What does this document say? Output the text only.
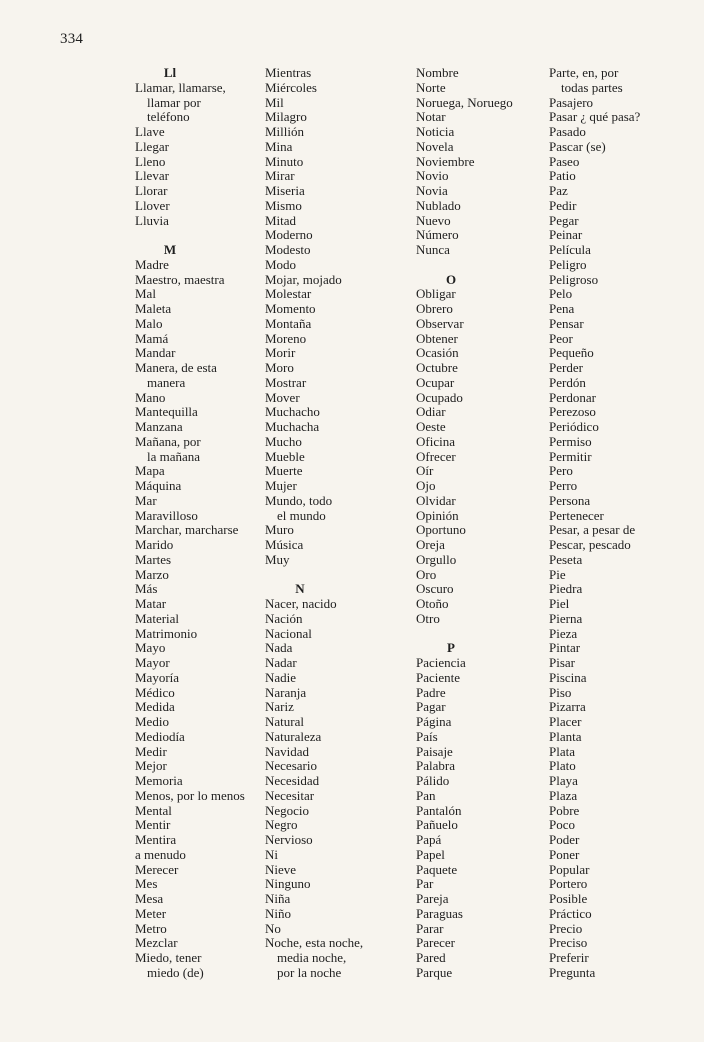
334
Ll
Llamar, llamarse,
llamar por
teléfono
Llave
Llegar
Lleno
Llevar
Llorar
Llover
Lluvia
M
Madre
Maestro, maestra
Mal
Maleta
Malo
Mamá
Mandar
Manera, de esta
manera
Mano
Mantequilla
Manzana
Mañana, por
la mañana
Mapa
Máquina
Mar
Maravilloso
Marchar, marcharse
Marido
Martes
Marzo
Más
Matar
Material
Matrimonio
Mayo
Mayor
Mayoría
Médico
Medida
Medio
Mediodía
Medir
Mejor
Memoria
Menos, por lo menos
Mental
Mentir
Mentira
a menudo
Merecer
Mes
Mesa
Meter
Metro
Mezclar
Miedo, tener
miedo (de)
Mientras
Miércoles
Mil
Milagro
Millión
Mina
Minuto
Mirar
Miseria
Mismo
Mitad
Moderno
Modesto
Modo
Mojar, mojado
Molestar
Momento
Montaña
Moreno
Morir
Moro
Mostrar
Mover
Muchacho
Muchacha
Mucho
Mueble
Muerte
Mujer
Mundo, todo
el mundo
Muro
Música
Muy
N
Nacer, nacido
Nación
Nacional
Nada
Nadar
Nadie
Naranja
Nariz
Natural
Naturaleza
Navidad
Necesario
Necesidad
Necesitar
Negocio
Negro
Nervioso
Ni
Nieve
Ninguno
Niña
Niño
No
Noche, esta noche,
media noche,
por la noche
Nombre
Norte
Noruega, Noruego
Notar
Noticia
Novela
Noviembre
Novio
Novia
Nublado
Nuevo
Número
Nunca
O
Obligar
Obrero
Observar
Obtener
Ocasión
Octubre
Ocupar
Ocupado
Odiar
Oeste
Oficina
Ofrecer
Oír
Ojo
Olvidar
Opinión
Oportuno
Oreja
Orgullo
Oro
Oscuro
Otoño
Otro
P
Paciencia
Paciente
Padre
Pagar
Página
País
Paisaje
Palabra
Pálido
Pan
Pantalón
Pañuelo
Papá
Papel
Paquete
Par
Pareja
Paraguas
Parar
Parecer
Pared
Parque
Parte, en, por
todas partes
Pasajero
Pasar ¿ qué pasa?
Pasado
Pascar (se)
Paseo
Patio
Paz
Pedir
Pegar
Peinar
Película
Peligro
Peligroso
Pelo
Pena
Pensar
Peor
Pequeño
Perder
Perdón
Perdonar
Perezoso
Periódico
Permiso
Permitir
Pero
Perro
Persona
Pertenecer
Pesar, a pesar de
Pescar, pescado
Peseta
Pie
Piedra
Piel
Pierna
Pieza
Pintar
Pisar
Piscina
Piso
Pizarra
Placer
Planta
Plata
Plato
Playa
Plaza
Pobre
Poco
Poder
Poner
Popular
Portero
Posible
Práctico
Precio
Preciso
Preferir
Pregunta
